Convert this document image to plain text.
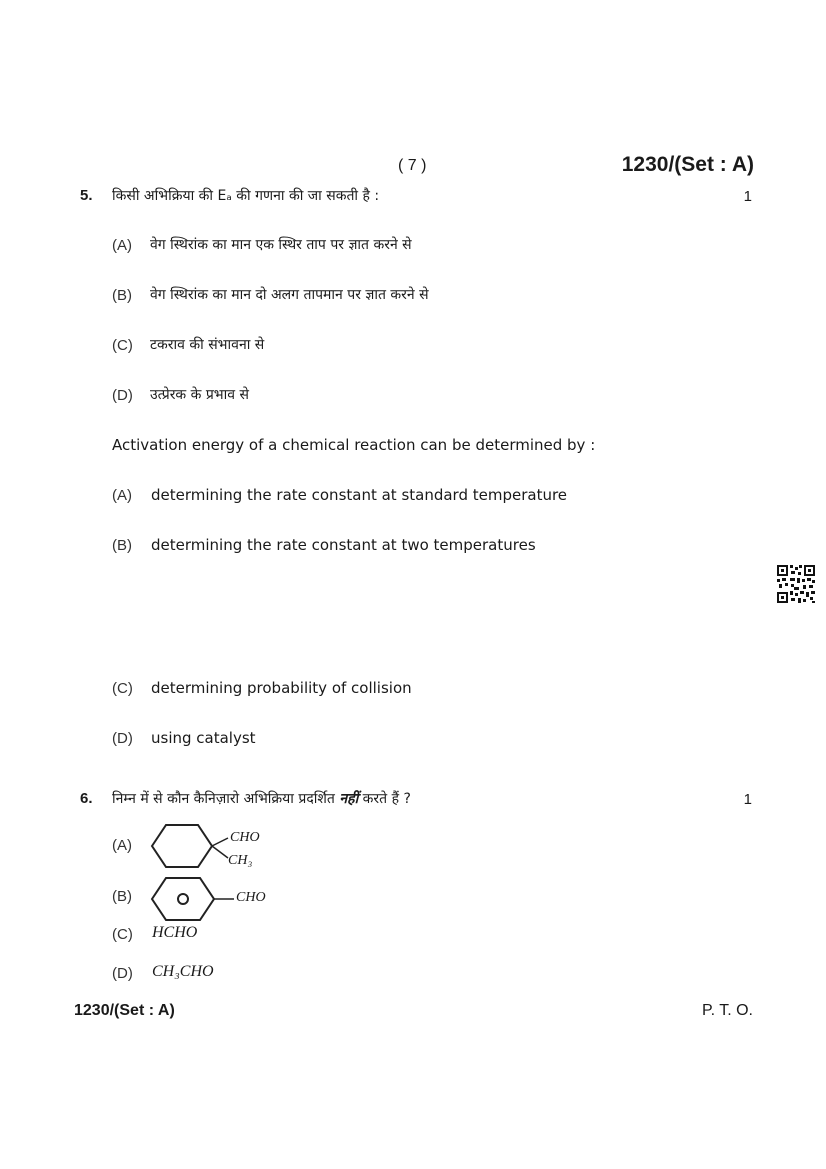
( 7 )	1230/(Set : A)
5. किसी अभिक्रिया की Eₐ की गणना की जा सकती है :	1
(A) वेग स्थिरांक का मान एक स्थिर ताप पर ज्ञात करने से
(B) वेग स्थिरांक का मान दो अलग तापमान पर ज्ञात करने से
(C) टकराव की संभावना से
(D) उत्प्रेरक के प्रभाव से
Activation energy of a chemical reaction can be determined by :
(A) determining the rate constant at standard temperature
(B) determining the rate constant at two temperatures
(C) determining probability of collision
(D) using catalyst
6. निम्न में से कौन कैनिज़ारो अभिक्रिया प्रदर्शित नहीं करते हैं ?	1
(A)	CHO
CH₃
(B)	CHO
(C) HCHO
(D) CH₃CHO
1230/(Set : A)	P. T. O.
